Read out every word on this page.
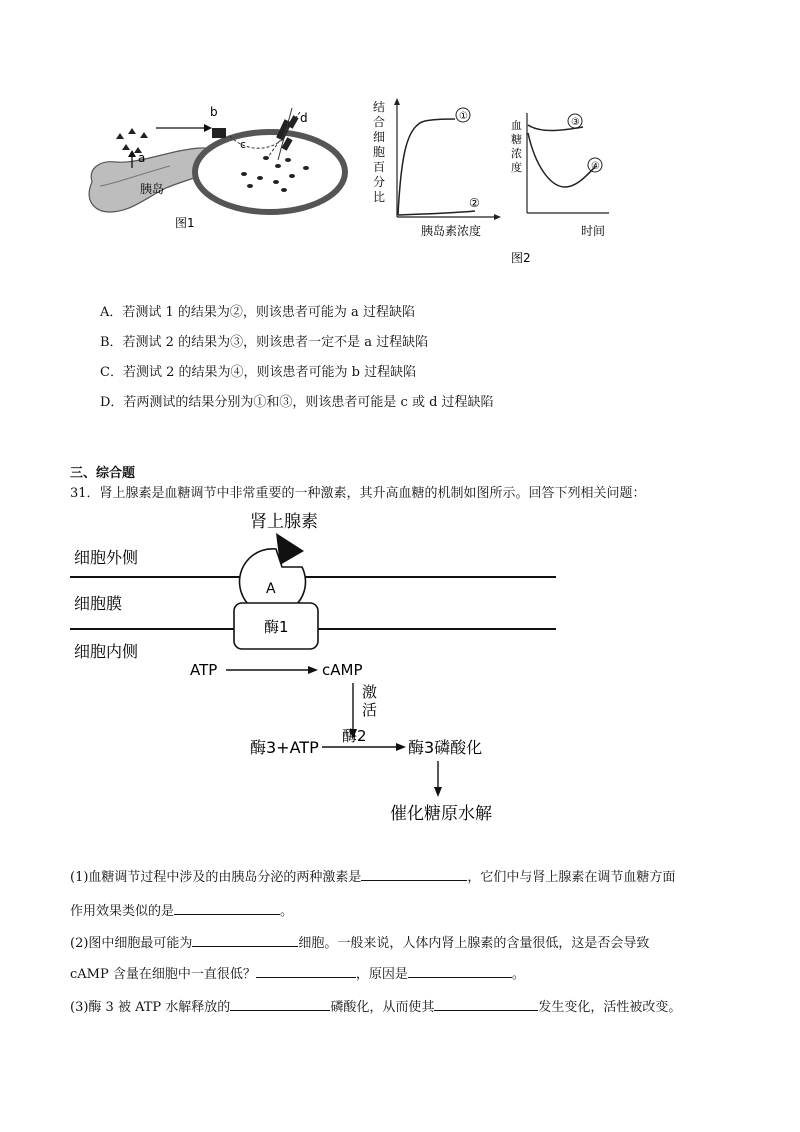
a
胰岛
b
c
d
图1
结
合
细
胞
百
分
比
①
②
胰岛素浓度
血
糖
浓
度
③
④
时间
图2
A．若测试 1 的结果为②，则该患者可能为 a 过程缺陷
B．若测试 2 的结果为③，则该患者一定不是 a 过程缺陷
C．若测试 2 的结果为④，则该患者可能为 b 过程缺陷
D．若两测试的结果分别为①和③，则该患者可能是 c 或 d 过程缺陷
三、综合题
31．肾上腺素是血糖调节中非常重要的一种激素，其升高血糖的机制如图所示。回答下列相关问题：
肾上腺素
细胞外侧
细胞膜
细胞内侧
A
酶1
ATP	cAMP
激
活
酶2
酶3+ATP	酶3磷酸化
催化糖原水解
(1)血糖调节过程中涉及的由胰岛分泌的两种激素是	，它们中与肾上腺素在调节血糖方面
作用效果类似的是	。
(2)图中细胞最可能为	细胞。一般来说，人体内肾上腺素的含量很低，这是否会导致
cAMP 含量在细胞中一直很低？	，原因是	。
(3)酶 3 被 ATP 水解释放的	磷酸化，从而使其	发生变化，活性被改变。
